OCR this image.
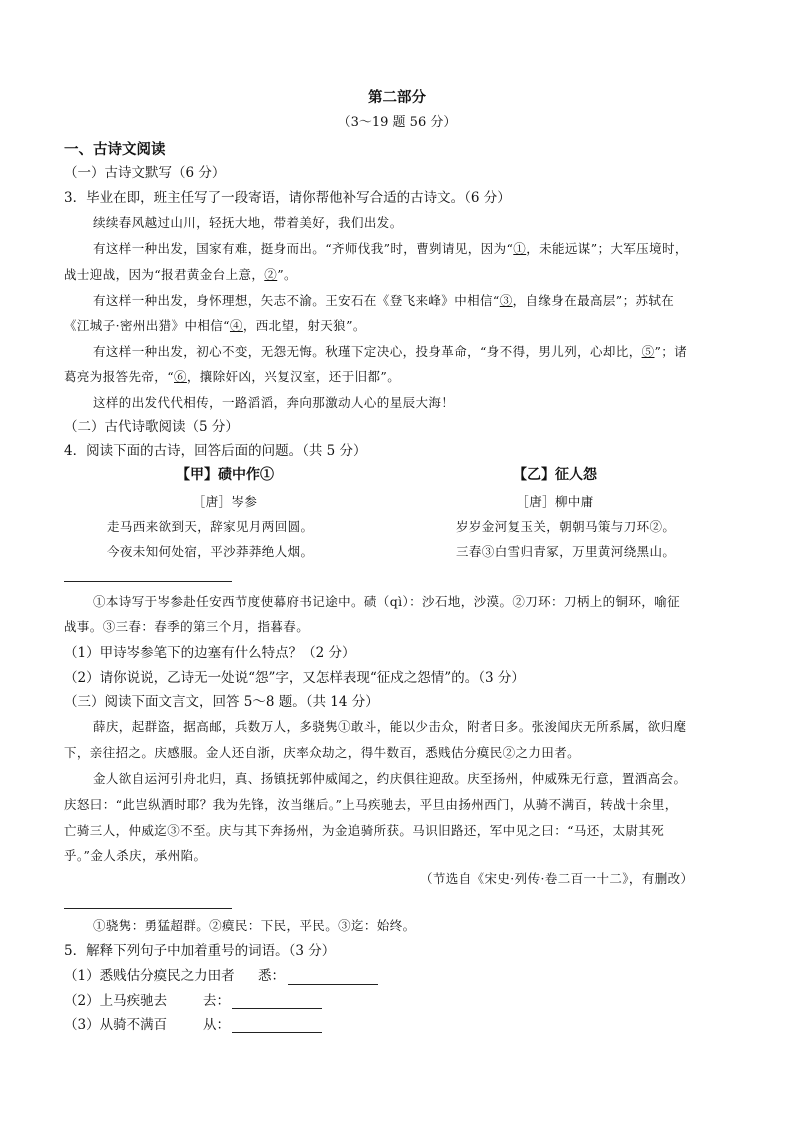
第二部分
（3～19 题 56 分）
一、古诗文阅读
（一）古诗文默写（6 分）
3．毕业在即，班主任写了一段寄语，请你帮他补写合适的古诗文。（6 分）
续续春风越过山川，轻抚大地，带着美好，我们出发。
有这样一种出发，国家有难，挺身而出。“齐师伐我”时，曹刿请见，因为“①，未能远谋”；大军压境时，
战士迎战，因为“报君黄金台上意，②”。
有这样一种出发，身怀理想，矢志不渝。王安石在《登飞来峰》中相信“③，自缘身在最高层”；苏轼在
《江城子·密州出猎》中相信“④，西北望，射天狼”。
有这样一种出发，初心不变，无怨无悔。秋瑾下定决心，投身革命，“身不得，男儿列，心却比，⑤”；诸
葛亮为报答先帝，“⑥，攘除奸凶，兴复汉室，还于旧都”。
这样的出发代代相传，一路滔滔，奔向那激动人心的星辰大海！
（二）古代诗歌阅读（5 分）
4．阅读下面的古诗，回答后面的问题。（共 5 分）
【甲】碛中作①
［唐］岑参
走马西来欲到天，辞家见月两回圆。
今夜未知何处宿，平沙莽莽绝人烟。
【乙】征人怨
［唐］柳中庸
岁岁金河复玉关，朝朝马策与刀环②。
三春③白雪归青冢，万里黄河绕黑山。
①本诗写于岑参赴任安西节度使幕府书记途中。碛（qì）：沙石地，沙漠。②刀环：刀柄上的铜环，喻征
战事。③三春：春季的第三个月，指暮春。
（1）甲诗岑参笔下的边塞有什么特点？（2 分）
（2）请你说说，乙诗无一处说“怨”字，又怎样表现“征戍之怨情”的。（3 分）
（三）阅读下面文言文，回答 5～8 题。（共 14 分）
薛庆，起群盗，据高邮，兵数万人，多骁隽①敢斗，能以少击众，附者日多。张浚闻庆无所系属，欲归麾
下，亲往招之。庆感服。金人还自浙，庆率众劫之，得牛数百，悉贱估分瘼民②之力田者。
金人欲自运河引舟北归，真、扬镇抚郭仲威闻之，约庆俱往迎敌。庆至扬州，仲威殊无行意，置酒高会。
庆怒曰：“此岂纵酒时耶？我为先锋，汝当继后。”上马疾驰去，平旦由扬州西门，从骑不满百，转战十余里，
亡骑三人，仲威迄③不至。庆与其下奔扬州，为金追骑所获。马识旧路还，军中见之曰：“马还，太尉其死
乎。”金人杀庆，承州陷。
（节选自《宋史·列传·卷二百一十二》，有删改）
①骁隽：勇猛超群。②瘼民：下民，平民。③迄：始终。
5．解释下列句子中加着重号的词语。（3 分）
（1）悉贱估分瘼民之力田者 悉：
（2）上马疾驰去	去：
（3）从骑不满百	从：
